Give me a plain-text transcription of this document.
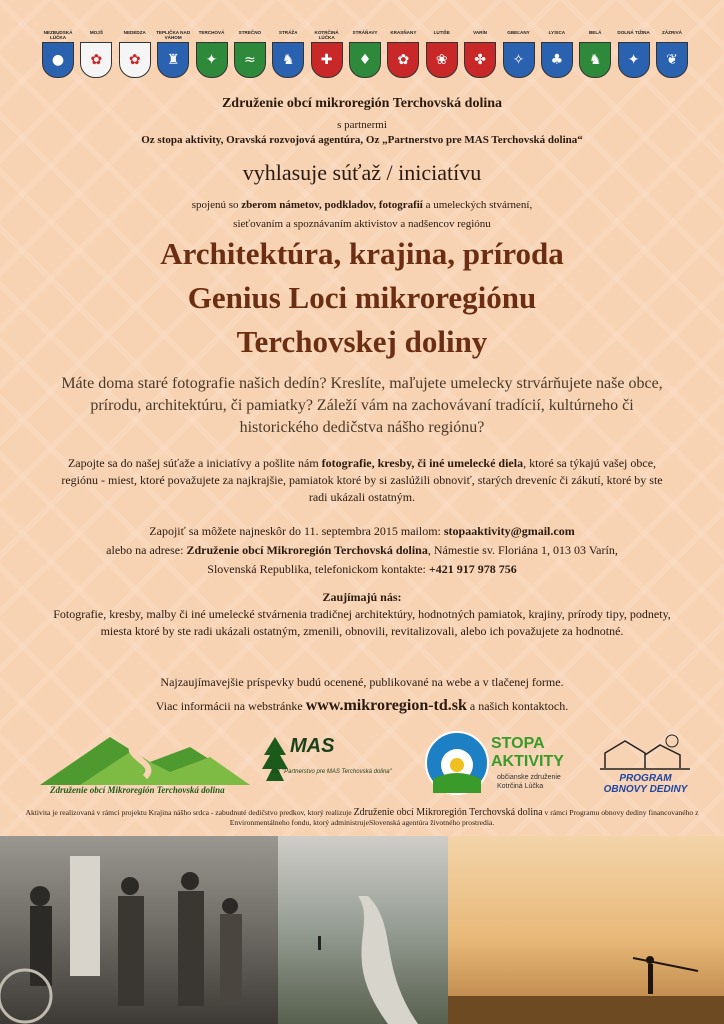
NEZBUDSKÁ LÚČKA
●
MOJŠ
✿
NEDEDZA
✿
TEPLIČKA NAD VÁHOM
♜
TERCHOVÁ
✦
STREČNO
≈
STRÁŽA
♞
KOTRČINÁ LÚČKA
✚
STRÁŇAVY
♦
KRASŇANY
✿
LUTIŠE
❀
VARÍN
✤
GBEĽANY
✧
LYSICA
♣
BELÁ
♞
DOLNÁ TIŽINA
✦
ZÁZRIVÁ
❦
Združenie obcí mikroregión Terchovská dolina
s partnermi
Oz stopa aktivity, Oravská rozvojová agentúra, Oz „Partnerstvo pre MAS Terchovská dolina“
vyhlasuje súťaž / iniciatívu
spojenú so zberom námetov, podkladov, fotografií a umeleckých stvárnení,
sieťovaním a spoznávaním aktivistov a nadšencov regiónu
Architektúra, krajina, príroda
Genius Loci mikroregiónu
Terchovskej doliny
Máte doma staré fotografie našich dedín? Kreslíte, maľujete umelecky strvárňujete naše obce, prírodu, architektúru, či pamiatky? Záleží vám na zachovávaní tradícií, kultúrneho či historického dedičstva nášho regiónu?
Zapojte sa do našej súťaže a iniciatívy a pošlite nám fotografie, kresby, či iné umelecké diela, ktoré sa týkajú vašej obce, regiónu - miest, ktoré považujete za najkrajšie, pamiatok ktoré by si zaslúžili obnoviť, starých dreveníc či zákutí, ktoré by ste radi ukázali ostatným.
Zapojiť sa môžete najneskôr do 11. septembra 2015 mailom: stopaaktivity@gmail.com
alebo na adrese: Združenie obcí Mikroregión Terchovská dolina, Námestie sv. Floriána 1, 013 03 Varín,
Slovenská Republika, telefonickom kontakte: +421 917 978 756
Zaujímajú nás:
Fotografie, kresby, malby či iné umelecké stvárnenia tradičnej architektúry, hodnotných pamiatok, krajiny, prírody tipy, podnety, miesta ktoré by ste radi ukázali ostatným, zmenili, obnovili, revitalizovali, alebo ich považujete za hodnotné.
Najzaujímavejšie príspevky budú ocenené, publikované na webe a v tlačenej forme.
Viac informácii na webstránke www.mikroregion-td.sk a našich kontaktoch.
Združenie obcí Mikroregión Terchovská dolina
MAS
OZ "Partnerstvo pre MAS Terchovská dolina"
STOPA
AKTIVITY
občianske združenie
Kotrčiná Lúčka
PROGRAM
OBNOVY DEDINY
Aktivita je realizovaná v rámci projektu Krajina nášho srdca - zabudnuté dedičstvo predkov, ktorý realizuje Združenie obcí Mikroregión Terchovská dolina v rámci Programu obnovy dediny financovaného z Environmentálneho fondu, ktorý administrujeSlovenská agentúra životného prostredia.
